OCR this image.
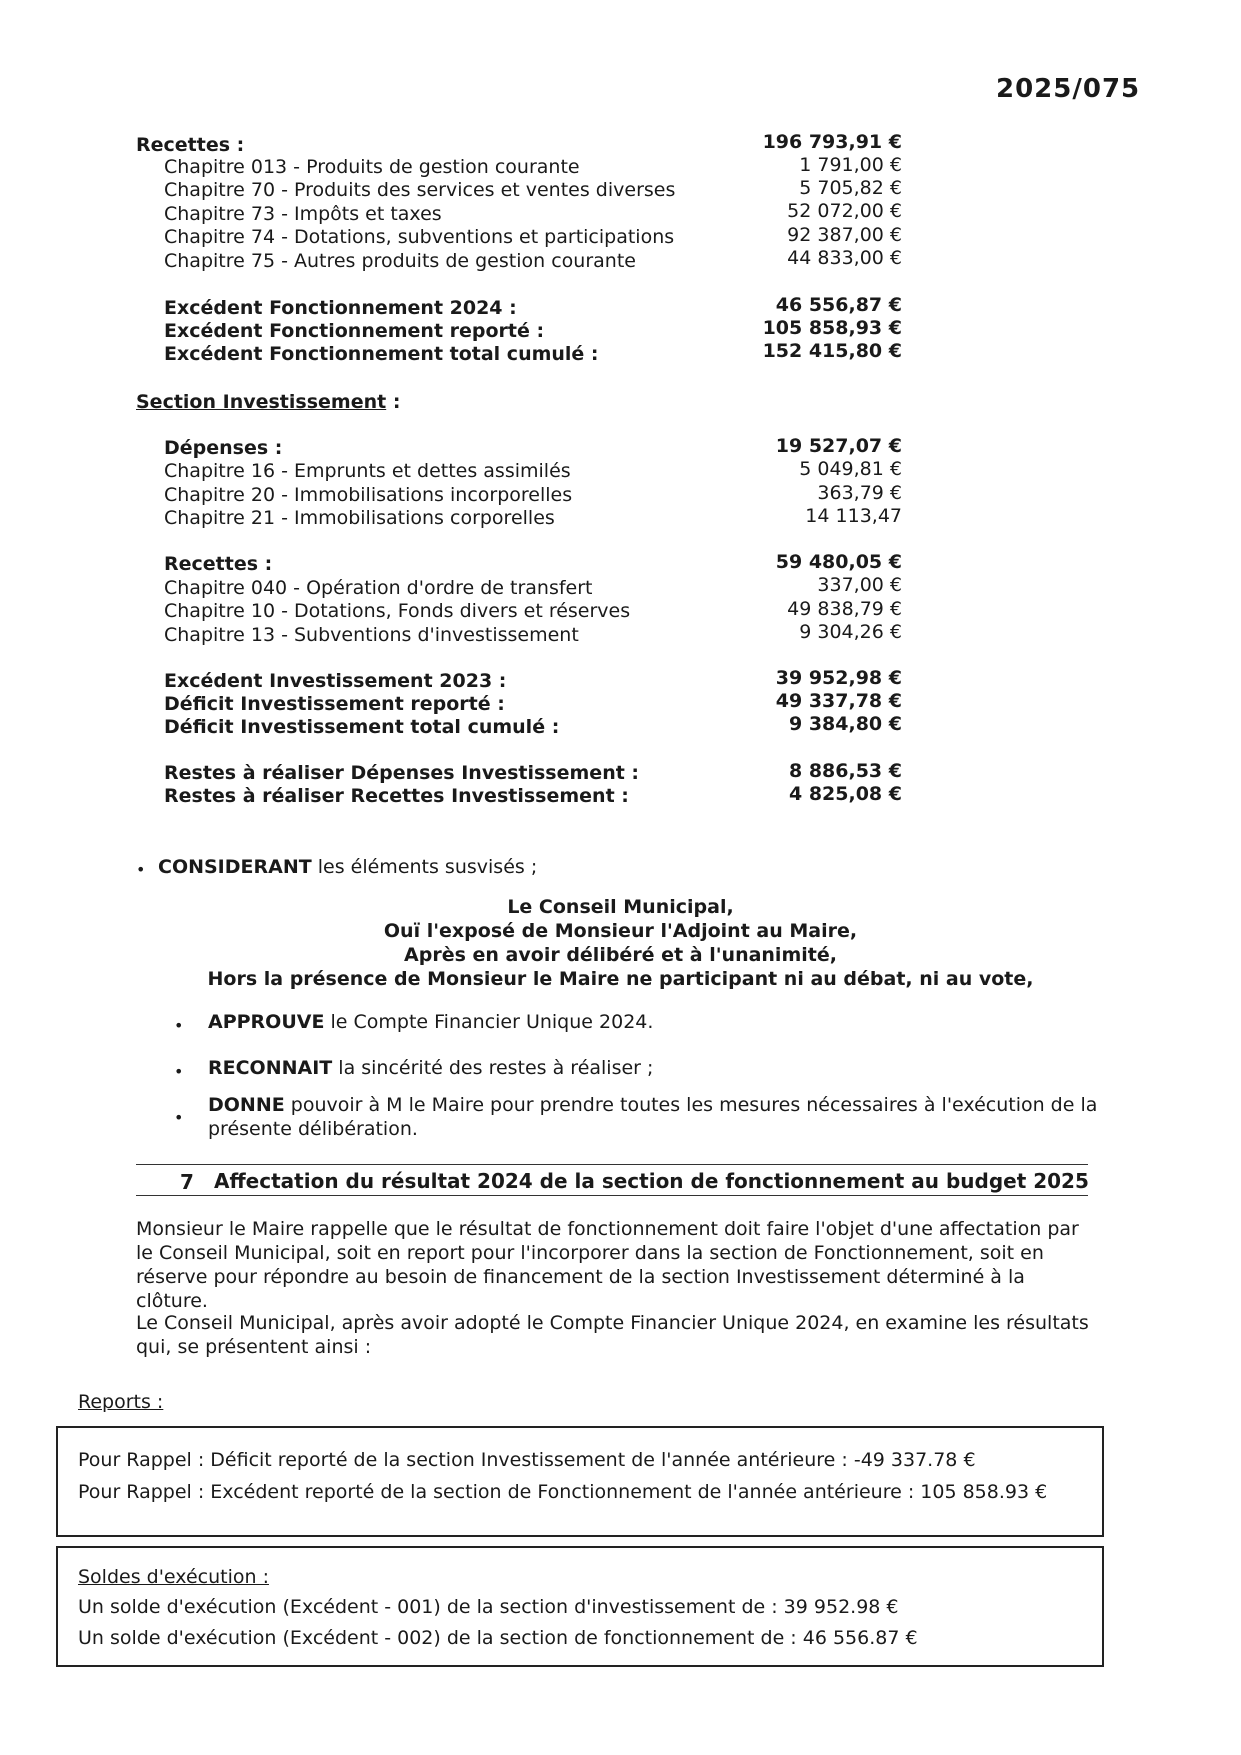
2025/075
Recettes :	196 793,91 €
Chapitre 013 - Produits de gestion courante	1 791,00 €
Chapitre 70 - Produits des services et ventes diverses	5 705,82 €
Chapitre 73 - Impôts et taxes	52 072,00 €
Chapitre 74 - Dotations, subventions et participations	92 387,00 €
Chapitre 75 - Autres produits de gestion courante	44 833,00 €
Excédent Fonctionnement 2024 :	46 556,87 €
Excédent Fonctionnement reporté :	105 858,93 €
Excédent Fonctionnement total cumulé :	152 415,80 €
Section Investissement :
Dépenses :	19 527,07 €
Chapitre 16 - Emprunts et dettes assimilés	5 049,81 €
Chapitre 20 - Immobilisations incorporelles	363,79 €
Chapitre 21 - Immobilisations corporelles	14 113,47
Recettes :	59 480,05 €
Chapitre 040 - Opération d'ordre de transfert	337,00 €
Chapitre 10 - Dotations, Fonds divers et réserves	49 838,79 €
Chapitre 13 - Subventions d'investissement	9 304,26 €
Excédent Investissement 2023 :	39 952,98 €
Déficit Investissement reporté :	49 337,78 €
Déficit Investissement total cumulé :	9 384,80 €
Restes à réaliser Dépenses Investissement :	8 886,53 €
Restes à réaliser Recettes Investissement :	4 825,08 €
• CONSIDERANT les éléments susvisés ;
Le Conseil Municipal,
Ouï l'exposé de Monsieur l'Adjoint au Maire,
Après en avoir délibéré et à l'unanimité,
Hors la présence de Monsieur le Maire ne participant ni au débat, ni au vote,
• APPROUVE le Compte Financier Unique 2024.
• RECONNAIT la sincérité des restes à réaliser ;
•
DONNE pouvoir à M le Maire pour prendre toutes les mesures nécessaires à l'exécution de la présente délibération.
7 Affectation du résultat 2024 de la section de fonctionnement au budget 2025
Monsieur le Maire rappelle que le résultat de fonctionnement doit faire l'objet d'une affectation par le Conseil Municipal, soit en report pour l'incorporer dans la section de Fonctionnement, soit en réserve pour répondre au besoin de financement de la section Investissement déterminé à la clôture.
Le Conseil Municipal, après avoir adopté le Compte Financier Unique 2024, en examine les résultats qui, se présentent ainsi :
Reports :
Pour Rappel : Déficit reporté de la section Investissement de l'année antérieure : -49 337.78 €
Pour Rappel : Excédent reporté de la section de Fonctionnement de l'année antérieure : 105 858.93 €
Soldes d'exécution :
Un solde d'exécution (Excédent - 001) de la section d'investissement de : 39 952.98 €
Un solde d'exécution (Excédent - 002) de la section de fonctionnement de : 46 556.87 €
